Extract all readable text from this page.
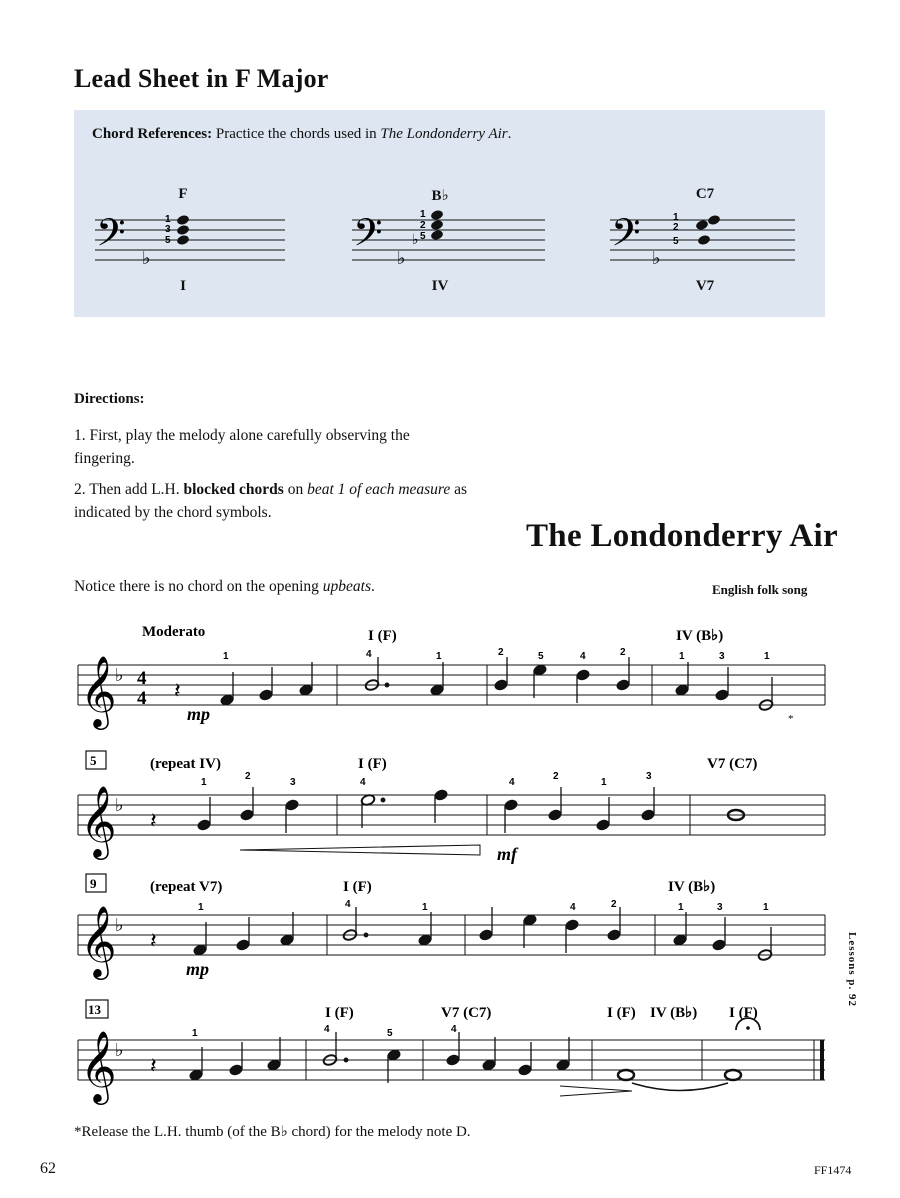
Lead Sheet in F Major
Chord References: Practice the chords used in The Londonderry Air.
F	B♭	C7
I	IV	V7
Directions:
1. First, play the melody alone carefully observing the fingering.
2. Then add L.H. blocked chords on beat 1 of each measure as indicated by the chord symbols.
The Londonderry Air
Notice there is no chord on the opening upbeats.	English folk song
𝄢 ♭	𝄢 ♭
♭	𝄢 ♭
1
3
5
1
2
5
1
2
5
𝄞
♭ 4
4 𝄽
Moderato	I (F)	IV (B♭)
mp	*
1	4	1	2	5	4	2	1	3	1
5
𝄞
♭
𝄽
(repeat IV)	I (F)	V7 (C7)
mf
1
2
3	4	4
2
1
3
9
𝄞
♭
𝄽
(repeat V7)	I (F)	IV (B♭)
mp
1	4	1	4	2	1	3	1
13
𝄞
♭
𝄽
I (F)	V7 (C7)	I (F) IV (B♭) I (F)
1	4	5	4
*Release the L.H. thumb (of the B♭ chord) for the melody note D.
62	FF1474
Lessons p. 92
